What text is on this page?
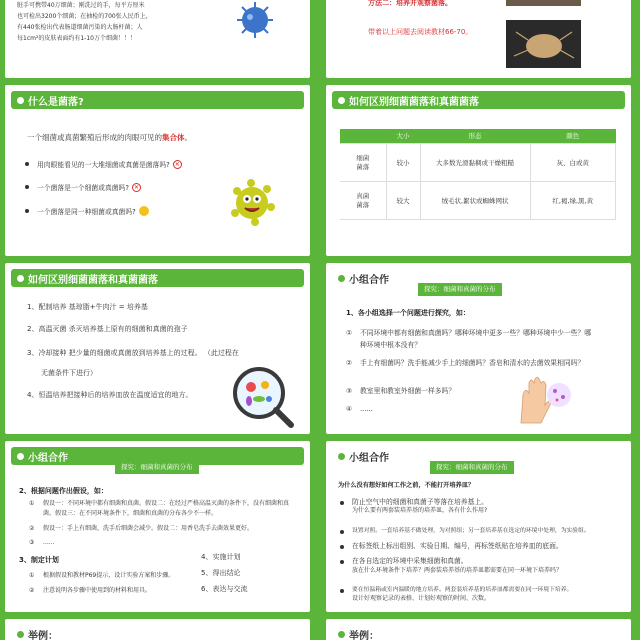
脏手可携带40万细菌；刚洗过的手，每平方厘米
也可检出3200个细菌；在抽检的700张人民币上，
有440张检出代表肠道细菌污染的大肠杆菌；人
每1cm²的皮肤表面约有1-10万个细菌！！！
方法二：培养并观察菌落。
带着以上问题去阅读教材66-70。
什么是菌落?
一个细菌或真菌繁殖后形成的肉眼可见的集合体。
用肉眼能看见的一大堆细菌或真菌是菌落吗? ✕
一个菌落是一个细菌或真菌吗? ✕
一个菌落是同一种细菌或真菌吗?
如何区别细菌菌落和真菌菌落
	大小	形态	颜色
细菌
菌落	较小	大多数光滑黏稠或干燥粗糙	灰、白或黄
真菌
菌落	较大	绒毛状,絮状或蜘蛛网状	红,褐,绿,黑,黄
如何区别细菌菌落和真菌菌落
1、配制培养 基琼脂+牛肉汁 = 培养基
2、高温灭菌 杀灭培养基上原有的细菌和真菌的孢子
3、冷却接种 把少量的细菌或真菌放到培养基上的过程。 （此过程在
无菌条件下进行）
4、恒温培养把接种后的培养皿放在温度适宜的地方。
小组合作
探究：细菌和真菌的分布
1、各小组选择一个问题进行探究，如：
①	不同环境中都有细菌和真菌吗？哪种环境中更多一些？哪种环境中少一些？哪种环境中根本没有？
②	手上有细菌吗？洗手能减少手上的细菌吗？香皂和清水的去菌效果相同吗？
③	教室里和教室外细菌一样多吗？
④	......
小组合作
探究：细菌和真菌的分布
2、根据问题作出假设，如：
①	假设一：不同环境中都有细菌和真菌。假设二：在经过严格高温灭菌的条件下，没有细菌和真菌。假设三：在不同环境条件下，细菌和真菌的分布各少不一样。
②	假设一：手上有细菌，洗手后细菌会减少。假设二：用香皂洗手去菌效果更好。
③	......
3、制定计划
①	根据假设和教材P69提示，设计实验方案和步骤。
②	注意说明各步骤中使用到的材料和用具。
4、实施计划
5、得出结论
6、表达与交流
小组合作
探究：细菌和真菌的分布
为什么没有想好如何工作之前，不能打开培养皿？
防止空气中的细菌和真菌子等落在培养基上。
为什么要有两套装培养基的培养皿，各有什么作用?
设置对照。一套培养基不做处理，为对照组；另一套培养基在选定的环境中处理，为实验组。
在标签纸上标出组别、实验日期、编号，再标签纸贴在培养皿的底面。
在各自选定的环境中采集细菌和真菌。
放在什么环境条件下培养？两套装培养基的培养皿都需要在同一环境下培养吗？
要在恒温箱或室内温暖的地方培养。两套装培养基的培养皿都需要在同一环境下培养。
设计好观察记录的表格、计划好观察的时间、次数。
举例：	举例：
